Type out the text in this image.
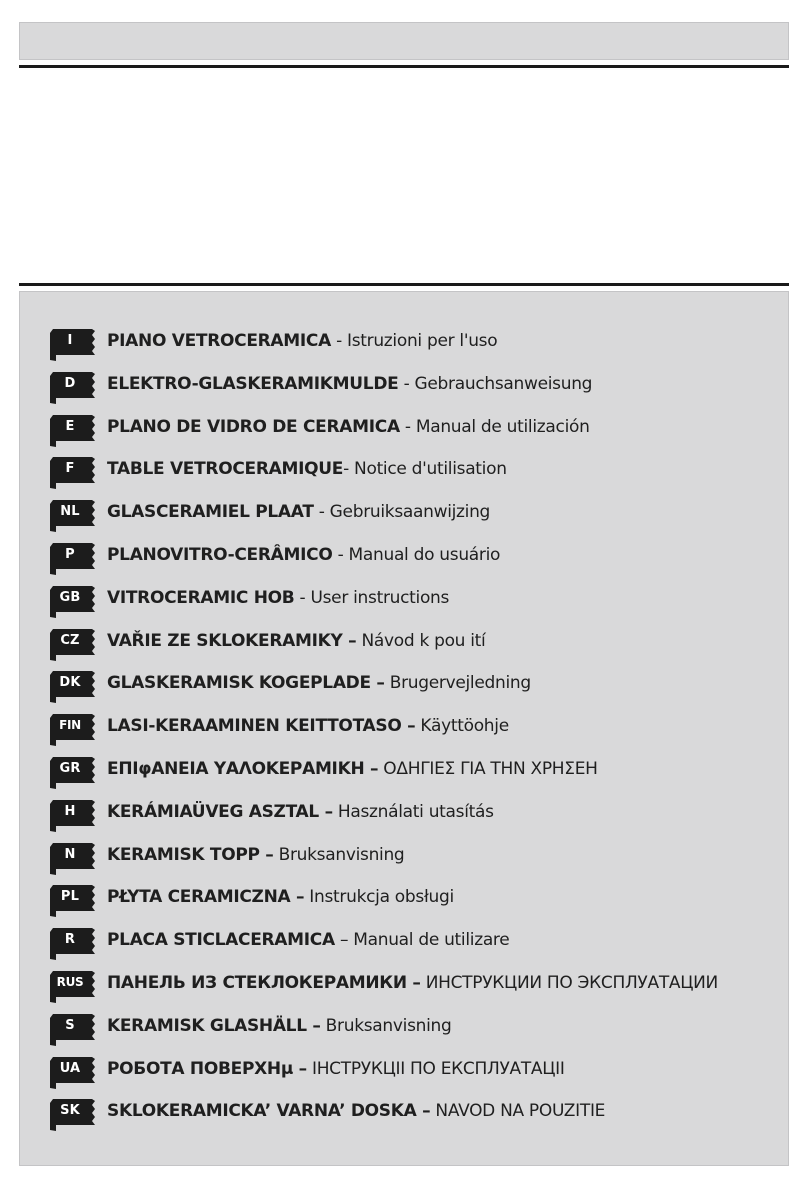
I	PIANO VETROCERAMICA - Istruzioni per l'uso
D	ELEKTRO-GLASKERAMIKMULDE - Gebrauchsanweisung
E	PLANO DE VIDRO DE CERAMICA - Manual de utilización
F	TABLE VETROCERAMIQUE- Notice d'utilisation
NL	GLASCERAMIEL PLAAT - Gebruiksaanwijzing
P	PLANOVITRO-CERÂMICO - Manual do usuário
GB	VITROCERAMIC HOB - User instructions
CZ	VAŘIE ZE SKLOKERAMIKY – Návod k pou ití
DK	GLASKERAMISK KOGEPLADE – Brugervejledning
FIN	LASI-KERAAMINEN KEITTOTASO – Käyttöohje
GR	ΕΠΙφΑΝΕΙΑ ΥΑΛΟΚΕΡΑΜΙΚΗ – ΟΔΗΓΙΕΣ ΓΙΑ ΤΗΝ ΧΡΗΣΕΗ
H	KERÁMIAÜVEG ASZTAL – Használati utasítás
N	KERAMISK TOPP – Bruksanvisning
PL	PŁYTA CERAMICZNA – Instrukcja obsługi
R	PLACA STICLACERAMICA – Manual de utilizare
RUS	ПАНЕЛЬ ИЗ СТЕКЛОКЕРАМИКИ – ИНСТРУКЦИИ ПО ЭКСПЛУАТАЦИИ
S	KERAMISK GLASHÄLL – Bruksanvisning
UA	РОБОТА ПОВЕРХНµ – ІНСТРУКЦІІ ПО ЕКСПЛУАТАЦІІ
SK	SKLOKERAMICKA’ VARNA’ DOSKA – NAVOD NA POUZITIE
